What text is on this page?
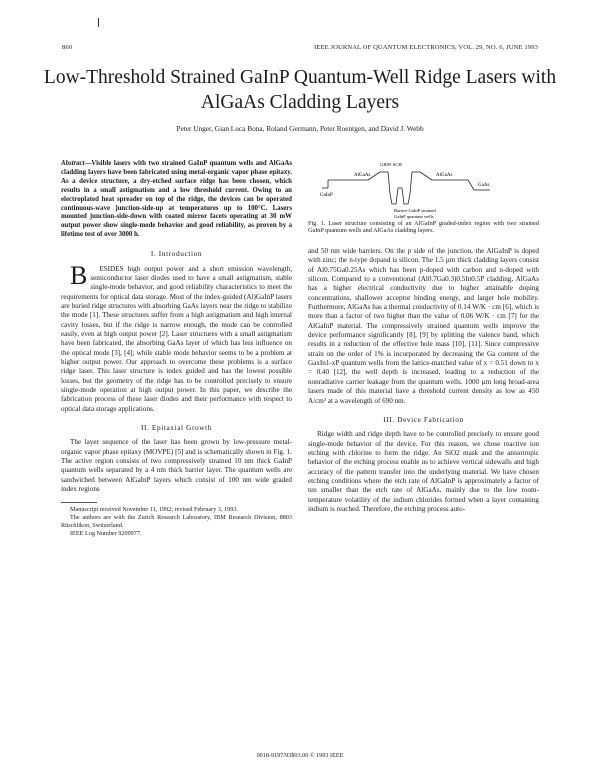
860	IEEE JOURNAL OF QUANTUM ELECTRONICS, VOL. 29, NO. 6, JUNE 1993
Low-Threshold Strained GaInP Quantum-Well Ridge Lasers with AlGaAs Cladding Layers
Peter Unger, Gian Luca Bona, Roland Germann, Peter Roentgen, and David J. Webb
Abstract—Visible lasers with two strained GaInP quantum wells and AlGaAs cladding layers have been fabricated using metal-organic vapor phase epitaxy. As a device structure, a dry-etched surface ridge has been chosen, which results in a small astigmatism and a low threshold current. Owing to an electroplated heat spreader on top of the ridge, the devices can be operated continuous-wave junction-side-up at temperatures up to 100°C. Lasers mounted junction-side-down with coated mirror facets operating at 30 mW output power show single-mode behavior and good reliability, as proven by a lifetime test of over 3000 h.
I. Introduction

B ESIDES high output power and a short emission wavelength, semiconductor laser diodes used to have a small astigmatism, stable single-mode behavior, and good reliability characteristics to meet the requirements for optical data storage. Most of the index-guided (Al)GaInP lasers are buried ridge structures with absorbing GaAs layers near the ridge to stabilize the mode [1]. These structures suffer from a high astigmatism and high internal cavity losses, but if the ridge is narrow enough, the mode can be controlled easily, even at high output power [2]. Laser structures with a small astigmatism have been fabricated, the absorbing GaAs layer of which has less influence on the optical mode [3], [4]; while stable mode behavior seems to be a problem at higher output power. Our approach to overcome these problems is a surface ridge laser. This laser structure is index guided and has the lowest possible losses, but the geometry of the ridge has to be controlled precisely to ensure single-mode operation at high output power. In this paper, we describe the fabrication process of these laser diodes and their performance with respect to optical data storage applications.

II. Epitaxial Growth

The layer sequence of the laser has been grown by low-pressure metal-organic vapor phase epitaxy (MOVPE) [5] and is schematically shown in Fig. 1. The active region consists of two compressively strained 10 nm thick GaInP quantum wells separated by a 4 nm thick barrier layer. The quantum wells are sandwiched between AlGaInP layers which consist of 100 nm wide graded index regions

Manuscript received November 11, 1992; revised February 3, 1993.

The authors are with the Zurich Research Laboratory, IBM Research Division, 8803 Rüschlikon, Switzerland.

IEEE Log Number 9209977.

GaInP
AlGaAs
GRIN-SCH
AlGaAs
GaAs
Barrier-GaInP strained
GaInP quantum wells
Fig. 1. Laser structure consisting of an AlGaInP graded-index region with two strained GaInP quantum wells and AlGaAs cladding layers.

and 50 nm wide barriers. On the p side of the junction, the AlGaInP is doped with zinc; the n-type dopand is silicon. The 1.5 µm thick cladding layers consist of Al0.75Ga0.25As which has been p-doped with carbon and n-doped with silicon. Compared to a conventional (Al0.7Ga0.3)0.5In0.5P cladding, AlGaAs has a higher electrical conductivity due to higher attainable doping concentrations, shallower acceptor binding energy, and larger hole mobility. Furthermore, AlGaAs has a thermal conductivity of 0.14 W/K · cm [6], which is more than a factor of two higher than the value of 0.06 W/K · cm [7] for the AlGaInP material. The compressively strained quantum wells improve the device performance significantly [8], [9] by splitting the valence band, which results in a reduction of the effective hole mass [10], [11]. Since compressive strain on the order of 1% is incorporated by decreasing the Ga content of the GaxIn1-xP quantum wells from the lattice-matched value of x = 0.51 down to x = 0.40 [12], the well depth is increased, leading to a reduction of the nonradiative carrier leakage from the quantum wells. 1000 µm long broad-area lasers made of this material have a threshold current density as low as 450 A/cm² at a wavelength of 690 nm.

III. Device Fabrication

Ridge width and ridge depth have to be controlled precisely to ensure good single-mode behavior of the device. For this reason, we chose reactive ion etching with chlorine to form the ridge. An SiO2 mask and the anisotropic behavior of the etching process enable us to achieve vertical sidewalls and high accuracy of the pattern transfer into the underlying material. We have chosen etching conditions where the etch rate of AlGaInP is approximately a factor of ten smaller than the etch rate of AlGaAs, mainly due to the low room-temperature volatility of the indium chlorides formed when a layer containing indium is reached. Therefore, the etching process auto-

0018-9197/93$03.00 © 1993 IEEE
